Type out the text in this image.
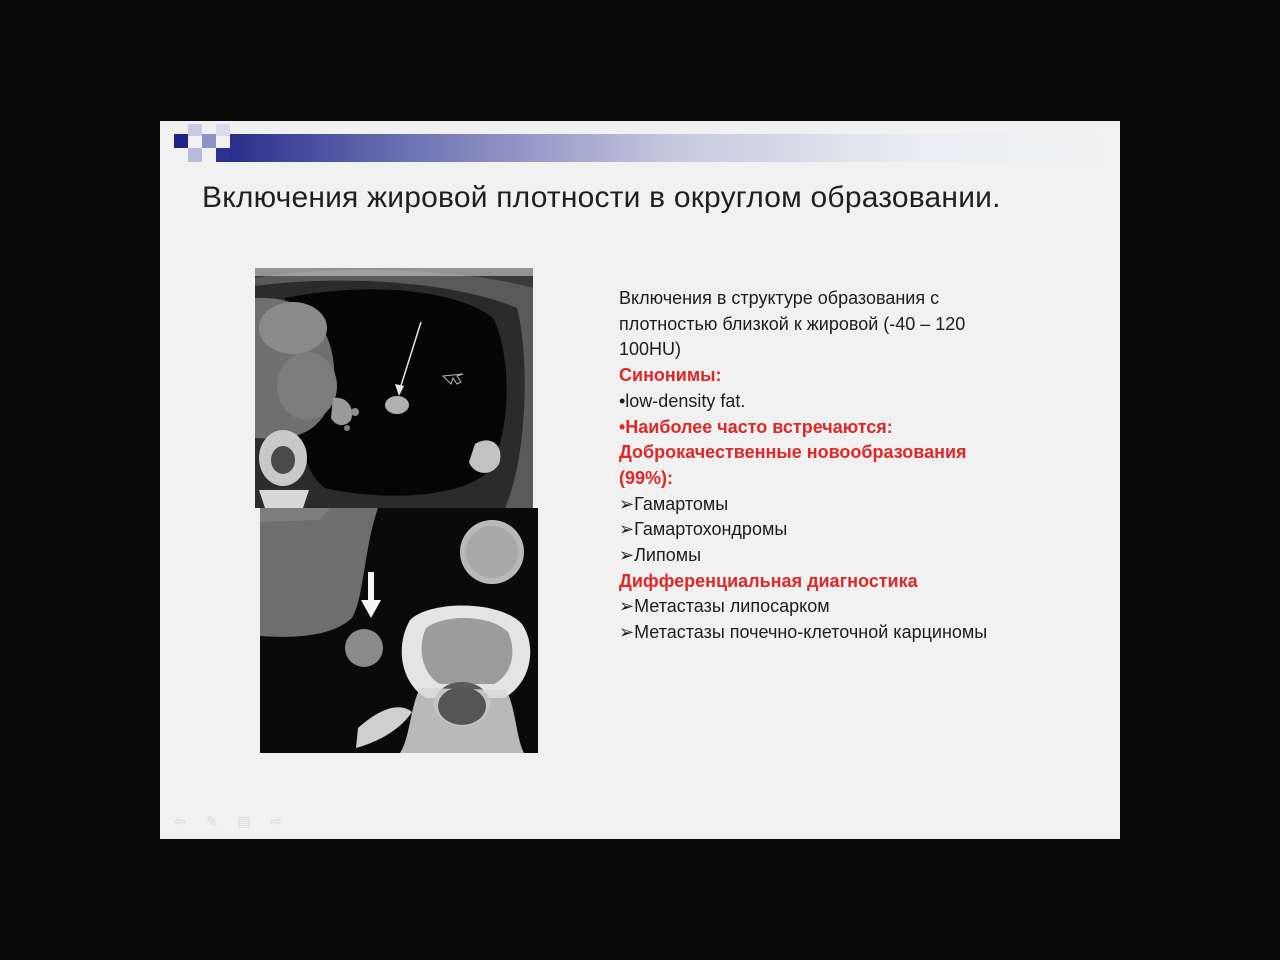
Включения жировой плотности в округлом образовании.
Включения в структуре образования с
плотностью близкой к жировой (-40 – 120
100HU)
Синонимы:
•low-density fat.
•Наиболее часто встречаются:
Доброкачественные новообразования
(99%):
➢Гамартомы
➢Гамартохондромы
➢Липомы
Дифференциальная диагностика
➢Метастазы липосарком
➢Метастазы почечно-клеточной карциномы
⇦ ✎ ▤ ⇨
